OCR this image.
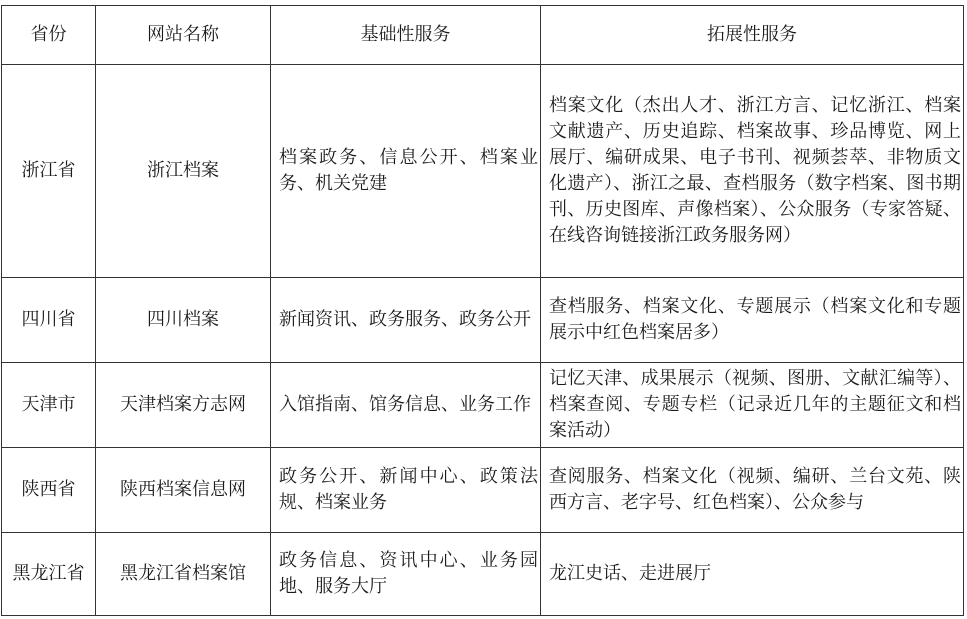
省份	网站名称	基础性服务	拓展性服务
浙江省	浙江档案	档案政务、信息公开、档案业务、机关党建	档案文化（杰出人才、浙江方言、记忆浙江、档案文献遗产、历史追踪、档案故事、珍品博览、网上展厅、编研成果、电子书刊、视频荟萃、非物质文化遗产）、浙江之最、查档服务（数字档案、图书期刊、历史图库、声像档案）、公众服务（专家答疑、在线咨询链接浙江政务服务网）
四川省	四川档案	新闻资讯、政务服务、政务公开	查档服务、档案文化、专题展示（档案文化和专题展示中红色档案居多）
天津市	天津档案方志网	入馆指南、馆务信息、业务工作	记忆天津、成果展示（视频、图册、文献汇编等）、档案查阅、专题专栏（记录近几年的主题征文和档案活动）
陕西省	陕西档案信息网	政务公开、新闻中心、政策法规、档案业务	查阅服务、档案文化（视频、编研、兰台文苑、陕西方言、老字号、红色档案）、公众参与
黑龙江省	黑龙江省档案馆	政务信息、资讯中心、业务园地、服务大厅	龙江史话、走进展厅
